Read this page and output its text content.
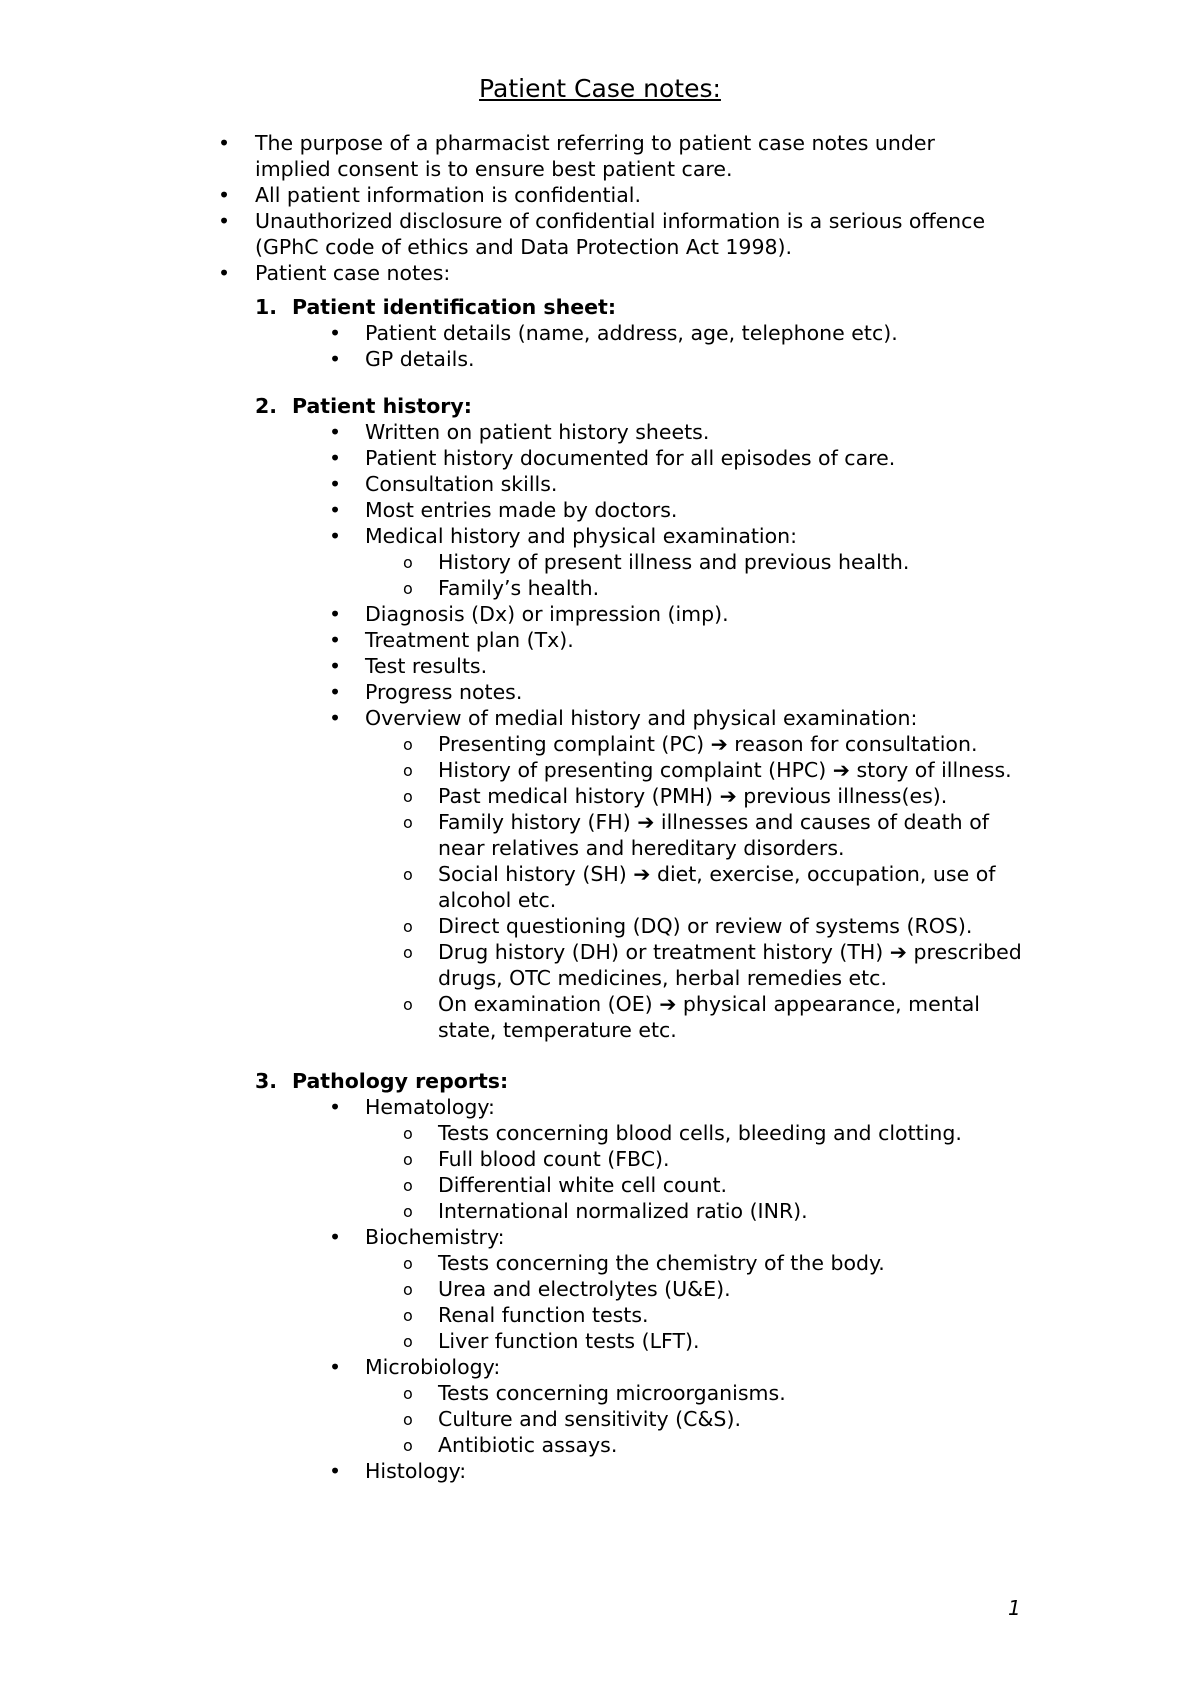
Patient Case notes:
• The purpose of a pharmacist referring to patient case notes under implied consent is to ensure best patient care.
• All patient information is confidential.
• Unauthorized disclosure of confidential information is a serious offence (GPhC code of ethics and Data Protection Act 1998).
• Patient case notes:
1. Patient identification sheet:
• Patient details (name, address, age, telephone etc).
• GP details.
2. Patient history:
• Written on patient history sheets.
• Patient history documented for all episodes of care.
• Consultation skills.
• Most entries made by doctors.
• Medical history and physical examination:
o History of present illness and previous health.
o Family’s health.
• Diagnosis (Dx) or impression (imp).
• Treatment plan (Tx).
• Test results.
• Progress notes.
• Overview of medial history and physical examination:
o Presenting complaint (PC) ➔ reason for consultation.
o History of presenting complaint (HPC) ➔ story of illness.
o Past medical history (PMH) ➔ previous illness(es).
o Family history (FH) ➔ illnesses and causes of death of near relatives and hereditary disorders.
o Social history (SH) ➔ diet, exercise, occupation, use of alcohol etc.
o Direct questioning (DQ) or review of systems (ROS).
o Drug history (DH) or treatment history (TH) ➔ prescribed drugs, OTC medicines, herbal remedies etc.
o On examination (OE) ➔ physical appearance, mental state, temperature etc.
3. Pathology reports:
• Hematology:
o Tests concerning blood cells, bleeding and clotting.
o Full blood count (FBC).
o Differential white cell count.
o International normalized ratio (INR).
• Biochemistry:
o Tests concerning the chemistry of the body.
o Urea and electrolytes (U&E).
o Renal function tests.
o Liver function tests (LFT).
• Microbiology:
o Tests concerning microorganisms.
o Culture and sensitivity (C&S).
o Antibiotic assays.
• Histology:
1
